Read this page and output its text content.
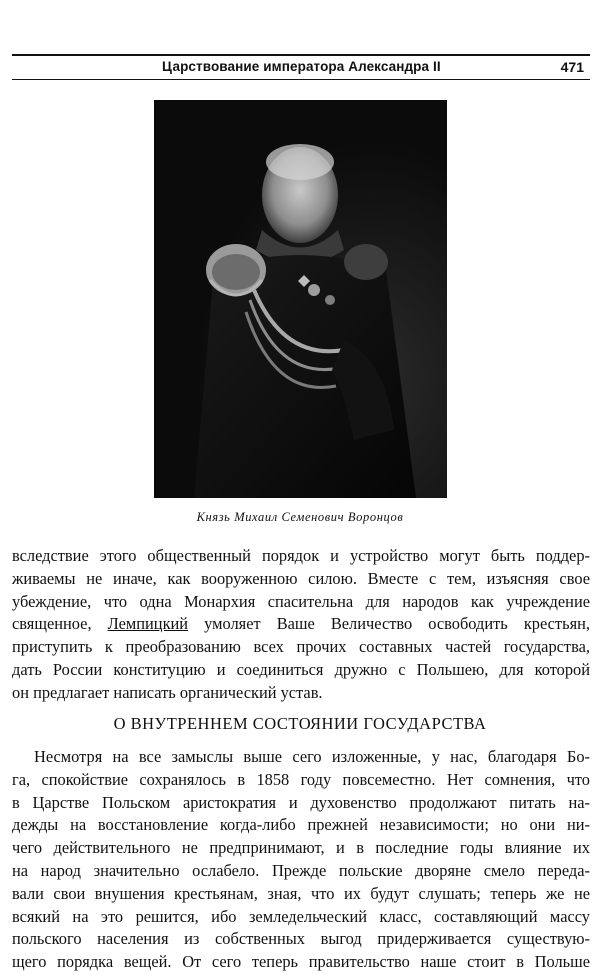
Царствование императора Александра II	471
Князь Михаил Семенович Воронцов
вследствие этого общественный порядок и устройство могут быть поддер-
живаемы не иначе, как вооруженною силою. Вместе с тем, изъясняя свое
убеждение, что одна Монархия спасительна для народов как учреждение
священное, Лемпицкий умоляет Ваше Величество освободить крестьян,
приступить к преобразованию всех прочих составных частей государства,
дать России конституцию и соединиться дружно с Польшею, для которой
он предлагает написать органический устав.
О ВНУТРЕННЕМ СОСТОЯНИИ ГОСУДАРСТВА
Несмотря на все замыслы выше сего изложенные, у нас, благодаря Бо-
га, спокойствие сохранялось в 1858 году повсеместно. Нет сомнения, что
в Царстве Польском аристократия и духовенство продолжают питать на-
дежды на восстановление когда-либо прежней независимости; но они ни-
чего действительного не предпринимают, и в последние годы влияние их
на народ значительно ослабело. Прежде польские дворяне смело переда-
вали свои внушения крестьянам, зная, что их будут слушать; теперь же не
всякий на это решится, ибо земледельческий класс, составляющий массу
польского населения из собственных выгод придерживается существую-
щего порядка вещей. От сего теперь правительство наше стоит в Польше
